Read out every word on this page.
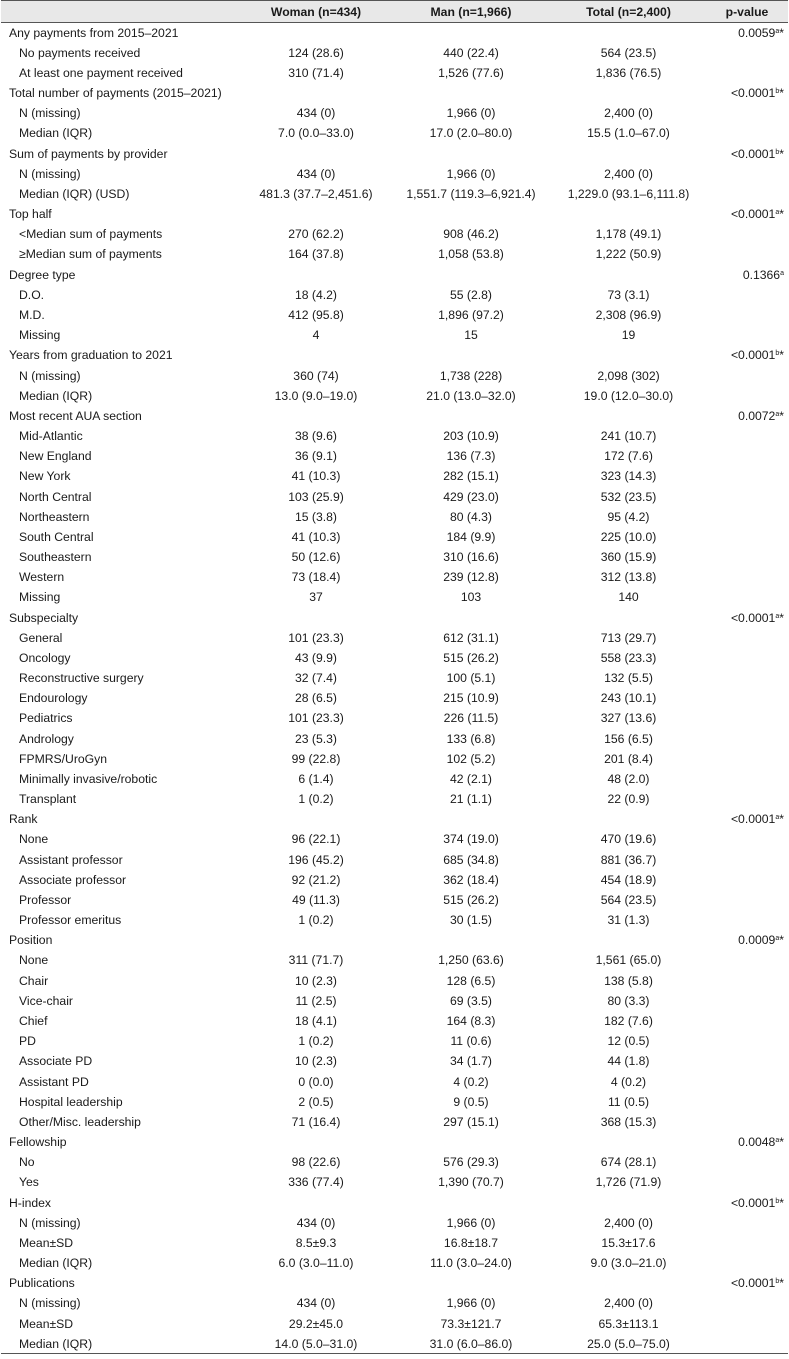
	Woman (n=434)	Man (n=1,966)	Total (n=2,400)	p-value
Any payments from 2015–2021				0.0059$^a$*
No payments received	124 (28.6)	440 (22.4)	564 (23.5)	
At least one payment received	310 (71.4)	1,526 (77.6)	1,836 (76.5)	
Total number of payments (2015–2021)				<0.0001$^b$*
N (missing)	434 (0)	1,966 (0)	2,400 (0)	
Median (IQR)	7.0 (0.0–33.0)	17.0 (2.0–80.0)	15.5 (1.0–67.0)	
Sum of payments by provider				<0.0001$^b$*
N (missing)	434 (0)	1,966 (0)	2,400 (0)	
Median (IQR) (USD)	481.3 (37.7–2,451.6)	1,551.7 (119.3–6,921.4)	1,229.0 (93.1–6,111.8)	
Top half				<0.0001$^a$*
<Median sum of payments	270 (62.2)	908 (46.2)	1,178 (49.1)	
≥Median sum of payments	164 (37.8)	1,058 (53.8)	1,222 (50.9)	
Degree type				0.1366$^a$
D.O.	18 (4.2)	55 (2.8)	73 (3.1)	
M.D.	412 (95.8)	1,896 (97.2)	2,308 (96.9)	
Missing	4	15	19	
Years from graduation to 2021				<0.0001$^b$*
N (missing)	360 (74)	1,738 (228)	2,098 (302)	
Median (IQR)	13.0 (9.0–19.0)	21.0 (13.0–32.0)	19.0 (12.0–30.0)	
Most recent AUA section				0.0072$^a$*
Mid-Atlantic	38 (9.6)	203 (10.9)	241 (10.7)	
New England	36 (9.1)	136 (7.3)	172 (7.6)	
New York	41 (10.3)	282 (15.1)	323 (14.3)	
North Central	103 (25.9)	429 (23.0)	532 (23.5)	
Northeastern	15 (3.8)	80 (4.3)	95 (4.2)	
South Central	41 (10.3)	184 (9.9)	225 (10.0)	
Southeastern	50 (12.6)	310 (16.6)	360 (15.9)	
Western	73 (18.4)	239 (12.8)	312 (13.8)	
Missing	37	103	140	
Subspecialty				<0.0001$^a$*
General	101 (23.3)	612 (31.1)	713 (29.7)	
Oncology	43 (9.9)	515 (26.2)	558 (23.3)	
Reconstructive surgery	32 (7.4)	100 (5.1)	132 (5.5)	
Endourology	28 (6.5)	215 (10.9)	243 (10.1)	
Pediatrics	101 (23.3)	226 (11.5)	327 (13.6)	
Andrology	23 (5.3)	133 (6.8)	156 (6.5)	
FPMRS/UroGyn	99 (22.8)	102 (5.2)	201 (8.4)	
Minimally invasive/robotic	6 (1.4)	42 (2.1)	48 (2.0)	
Transplant	1 (0.2)	21 (1.1)	22 (0.9)	
Rank				<0.0001$^a$*
None	96 (22.1)	374 (19.0)	470 (19.6)	
Assistant professor	196 (45.2)	685 (34.8)	881 (36.7)	
Associate professor	92 (21.2)	362 (18.4)	454 (18.9)	
Professor	49 (11.3)	515 (26.2)	564 (23.5)	
Professor emeritus	1 (0.2)	30 (1.5)	31 (1.3)	
Position				0.0009$^a$*
None	311 (71.7)	1,250 (63.6)	1,561 (65.0)	
Chair	10 (2.3)	128 (6.5)	138 (5.8)	
Vice-chair	11 (2.5)	69 (3.5)	80 (3.3)	
Chief	18 (4.1)	164 (8.3)	182 (7.6)	
PD	1 (0.2)	11 (0.6)	12 (0.5)	
Associate PD	10 (2.3)	34 (1.7)	44 (1.8)	
Assistant PD	0 (0.0)	4 (0.2)	4 (0.2)	
Hospital leadership	2 (0.5)	9 (0.5)	11 (0.5)	
Other/Misc. leadership	71 (16.4)	297 (15.1)	368 (15.3)	
Fellowship				0.0048$^a$*
No	98 (22.6)	576 (29.3)	674 (28.1)	
Yes	336 (77.4)	1,390 (70.7)	1,726 (71.9)	
H-index				<0.0001$^b$*
N (missing)	434 (0)	1,966 (0)	2,400 (0)	
Mean±SD	8.5±9.3	16.8±18.7	15.3±17.6	
Median (IQR)	6.0 (3.0–11.0)	11.0 (3.0–24.0)	9.0 (3.0–21.0)	
Publications				<0.0001$^b$*
N (missing)	434 (0)	1,966 (0)	2,400 (0)	
Mean±SD	29.2±45.0	73.3±121.7	65.3±113.1	
Median (IQR)	14.0 (5.0–31.0)	31.0 (6.0–86.0)	25.0 (5.0–75.0)	
